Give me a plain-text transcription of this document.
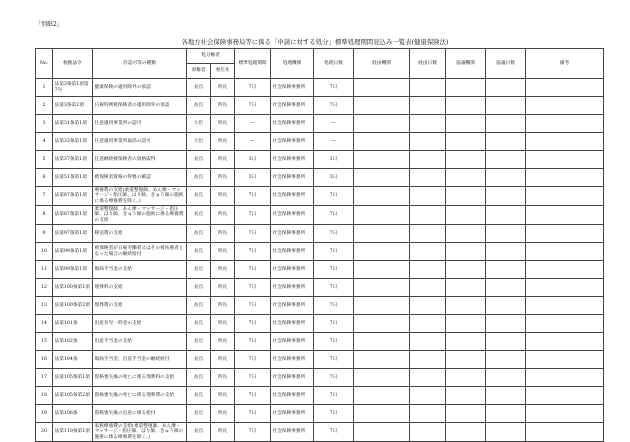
「別紙2」
各地方社会保険事務局等に係る「申請に対する処分」標準処理期間見込み一覧表(健康保険法)
No.	根拠法令	許認可等の種類	処分権者		標準処理期間	処理機関	処理日数	経由機関	経由日数	協議機関	協議日数	備考
			原権者	委任先								
1	法第3条第1項第7号	健康保険の適用除外の承認	長官	所長	7日	社会保険事務所	7日					
2	法第3条第2項	日雇特例被保険者の適用除外の承認	長官	所長	7日	社会保険事務所	7日					
3	法第31条第1項	任意適用事業所の認可	大臣	所長	—	社会保険事務所	—					
4	法第33条第1項	任意適用事業所取消の認可	大臣	所長	—	社会保険事務所	—					
5	法第37条第1項	任意継続被保険者の資格取得	長官	所長	3日	社会保険事務所	3日					
6	法第51条第1項	被保険者資格の得喪の確認	長官	所長	3日	社会保険事務所	3日					
7	法第87条第1項	療養費の支給(柔道整復師、あん摩・マッサージ・指圧師、はり師、きゅう師の施術に係る療養費を除く。)	長官	所長	7日	社会保険事務所	7日					
8	法第87条第1項	柔道整復師、あん摩・マッサージ・指圧師、はり師、きゅう師の施術に係る療養費の支給	長官	所長	7日	社会保険事務所	7日					
9	法第97条第1項	移送費の支給	長官	所長	7日	社会保険事務所	7日					
10	法第99条第1項	被保険者が日雇労働者又はその被扶養者となった場合の継続給付	長官	所長	7日	社会保険事務所	7日					
11	法第99条第1項	傷病手当金の支給	長官	所長	7日	社会保険事務所	7日					
12	法第100条第1項	埋葬料の支給	長官	所長	7日	社会保険事務所	7日					
13	法第100条第2項	埋葬費の支給	長官	所長	7日	社会保険事務所	7日					
14	法第101条	出産育児一時金の支給	長官	所長	7日	社会保険事務所	7日					
15	法第102条	出産手当金の支給	長官	所長	7日	社会保険事務所	7日					
16	法第104条	傷病手当金、出産手当金の継続給付	長官	所長	7日	社会保険事務所	7日					
17	法第105条第1項	資格喪失後の死亡に係る埋葬料の支給	長官	所長	7日	社会保険事務所	7日					
18	法第105条第2項	資格喪失後の死亡に係る埋葬費の支給	長官	所長	7日	社会保険事務所	7日					
19	法第106条	資格喪失後の出産に係る給付	長官	所長	7日	社会保険事務所	7日					
20	法第110条第1項	家族療養費の支給(柔道整復師、あん摩・マッサージ・指圧師、はり師、きゅう師の施術に係る療養費を除く。)	長官	所長	7日	社会保険事務所	7日					
